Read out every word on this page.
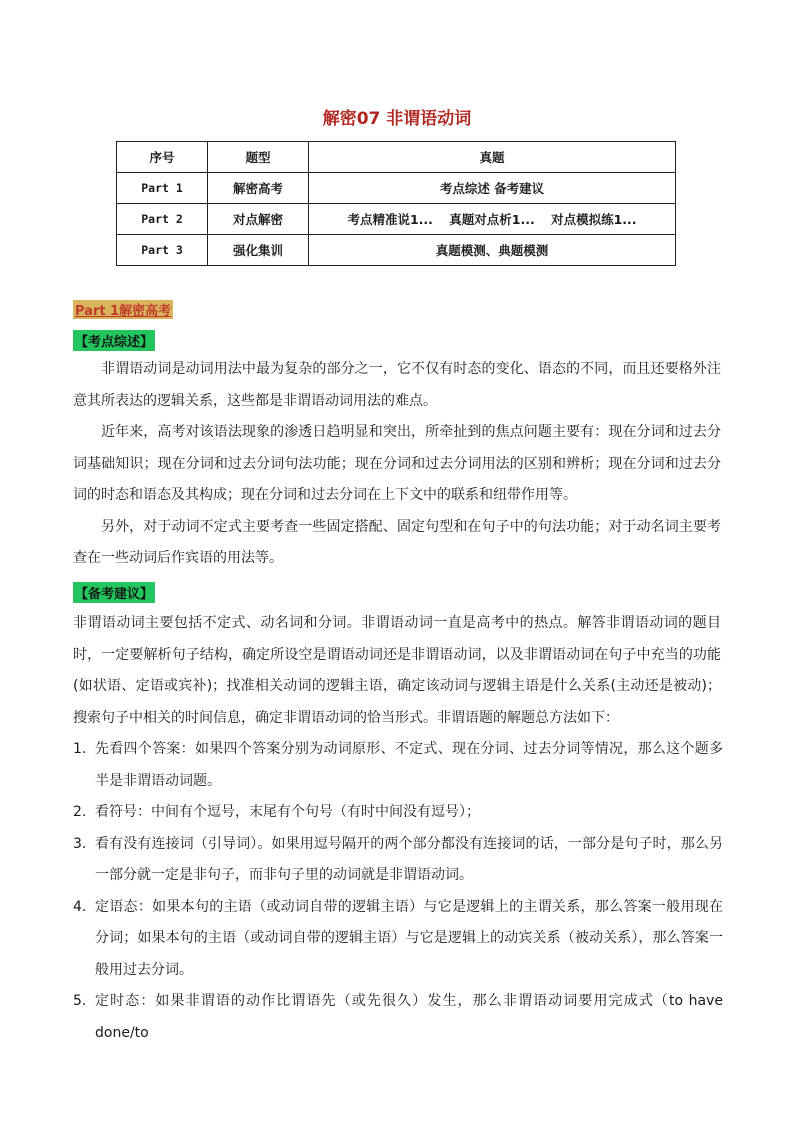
解密07 非谓语动词
序号	题型	真题
Part 1	解密高考	考点综述 备考建议
Part 2	对点解密	考点精准说1... 真题对点析1... 对点模拟练1...
Part 3	强化集训	真题模测、典题模测
Part 1解密高考
【考点综述】

非谓语动词是动词用法中最为复杂的部分之一，它不仅有时态的变化、语态的不同，而且还要格外注意其所表达的逻辑关系，这些都是非谓语动词用法的难点。

近年来，高考对该语法现象的渗透日趋明显和突出，所牵扯到的焦点问题主要有：现在分词和过去分词基础知识；现在分词和过去分词句法功能；现在分词和过去分词用法的区别和辨析；现在分词和过去分词的时态和语态及其构成；现在分词和过去分词在上下文中的联系和纽带作用等。

另外，对于动词不定式主要考查一些固定搭配、固定句型和在句子中的句法功能；对于动名词主要考查在一些动词后作宾语的用法等。

【备考建议】

非谓语动词主要包括不定式、动名词和分词。非谓语动词一直是高考中的热点。解答非谓语动词的题目时，一定要解析句子结构，确定所设空是谓语动词还是非谓语动词，以及非谓语动词在句子中充当的功能(如状语、定语或宾补)；找准相关动词的逻辑主语，确定该动词与逻辑主语是什么关系(主动还是被动)；搜索句子中相关的时间信息，确定非谓语动词的恰当形式。非谓语题的解题总方法如下：

1. 先看四个答案：如果四个答案分别为动词原形、不定式、现在分词、过去分词等情况，那么这个题多半是非谓语动词题。
2. 看符号：中间有个逗号，末尾有个句号（有时中间没有逗号）；
3. 看有没有连接词（引导词）。如果用逗号隔开的两个部分都没有连接词的话，一部分是句子时，那么另一部分就一定是非句子，而非句子里的动词就是非谓语动词。
4. 定语态：如果本句的主语（或动词自带的逻辑主语）与它是逻辑上的主谓关系，那么答案一般用现在分词；如果本句的主语（或动词自带的逻辑主语）与它是逻辑上的动宾关系（被动关系），那么答案一般用过去分词。
5. 定时态：如果非谓语的动作比谓语先（或先很久）发生，那么非谓语动词要用完成式（to have done/to
